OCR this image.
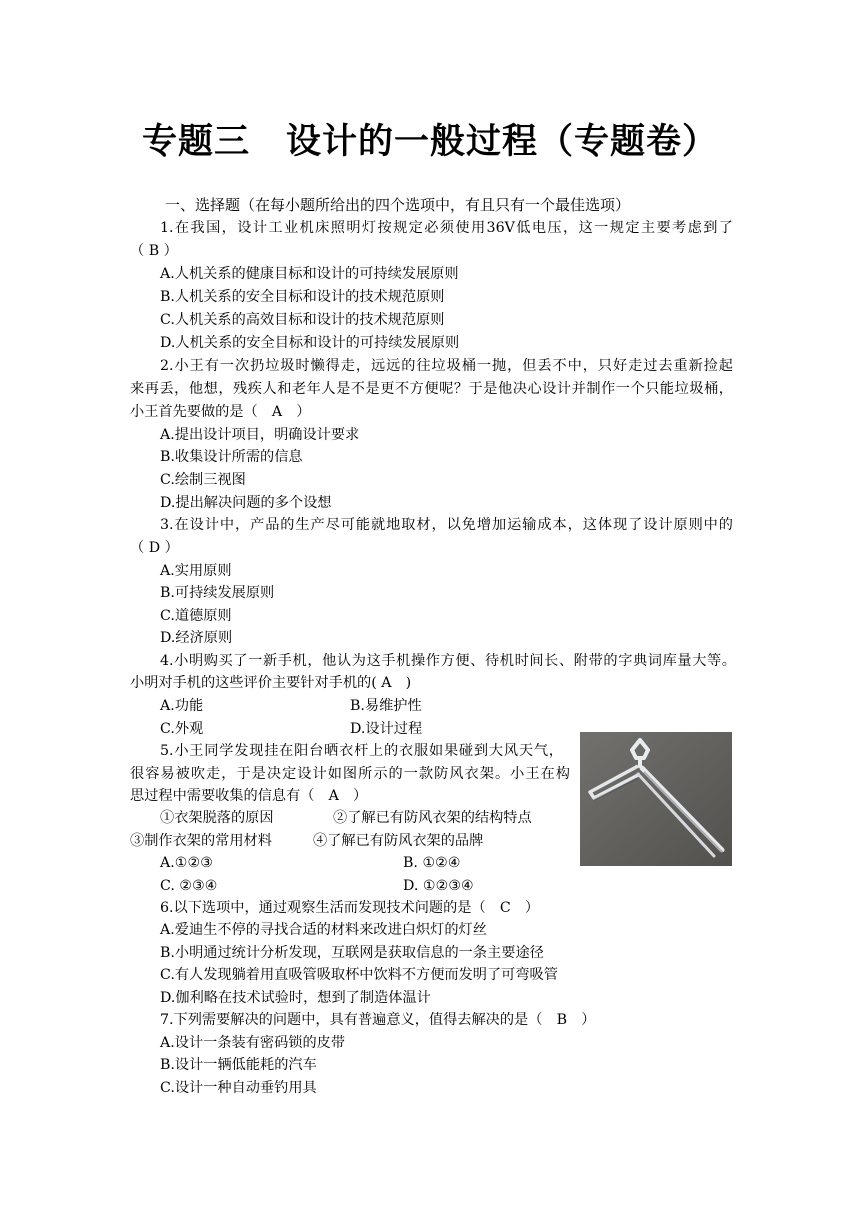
专题三　设计的一般过程（专题卷）
一、选择题（在每小题所给出的四个选项中，有且只有一个最佳选项）
1.在我国，设计工业机床照明灯按规定必须使用36V低电压，这一规定主要考虑到了
（ B ）
A.人机关系的健康目标和设计的可持续发展原则
B.人机关系的安全目标和设计的技术规范原则
C.人机关系的高效目标和设计的技术规范原则
D.人机关系的安全目标和设计的可持续发展原则
2.小王有一次扔垃圾时懒得走，远远的往垃圾桶一抛，但丢不中，只好走过去重新捡起
来再丢，他想，残疾人和老年人是不是更不方便呢？于是他决心设计并制作一个只能垃圾桶，
小王首先要做的是（　A　）
A.提出设计项目，明确设计要求
B.收集设计所需的信息
C.绘制三视图
D.提出解决问题的多个设想
3.在设计中，产品的生产尽可能就地取材，以免增加运输成本，这体现了设计原则中的
（ D ）
A.实用原则
B.可持续发展原则
C.道德原则
D.经济原则
4.小明购买了一新手机，他认为这手机操作方便、待机时间长、附带的字典词库量大等。
小明对手机的这些评价主要针对手机的( A　)
A.功能	B.易维护性
C.外观	D.设计过程
5.小王同学发现挂在阳台晒衣杆上的衣服如果碰到大风天气，
很容易被吹走，于是决定设计如图所示的一款防风衣架。小王在构
思过程中需要收集的信息有（　A　）
①衣架脱落的原因	②了解已有防风衣架的结构特点
③制作衣架的常用材料	④了解已有防风衣架的品牌
A.①②③	B. ①②④
C. ②③④	D. ①②③④
6.以下选项中，通过观察生活而发现技术问题的是（　C　）
A.爱迪生不停的寻找合适的材料来改进白炽灯的灯丝
B.小明通过统计分析发现，互联网是获取信息的一条主要途径
C.有人发现躺着用直吸管吸取杯中饮料不方便而发明了可弯吸管
D.伽利略在技术试验时，想到了制造体温计
7.下列需要解决的问题中，具有普遍意义，值得去解决的是（　B　）
A.设计一条装有密码锁的皮带
B.设计一辆低能耗的汽车
C.设计一种自动垂钓用具
